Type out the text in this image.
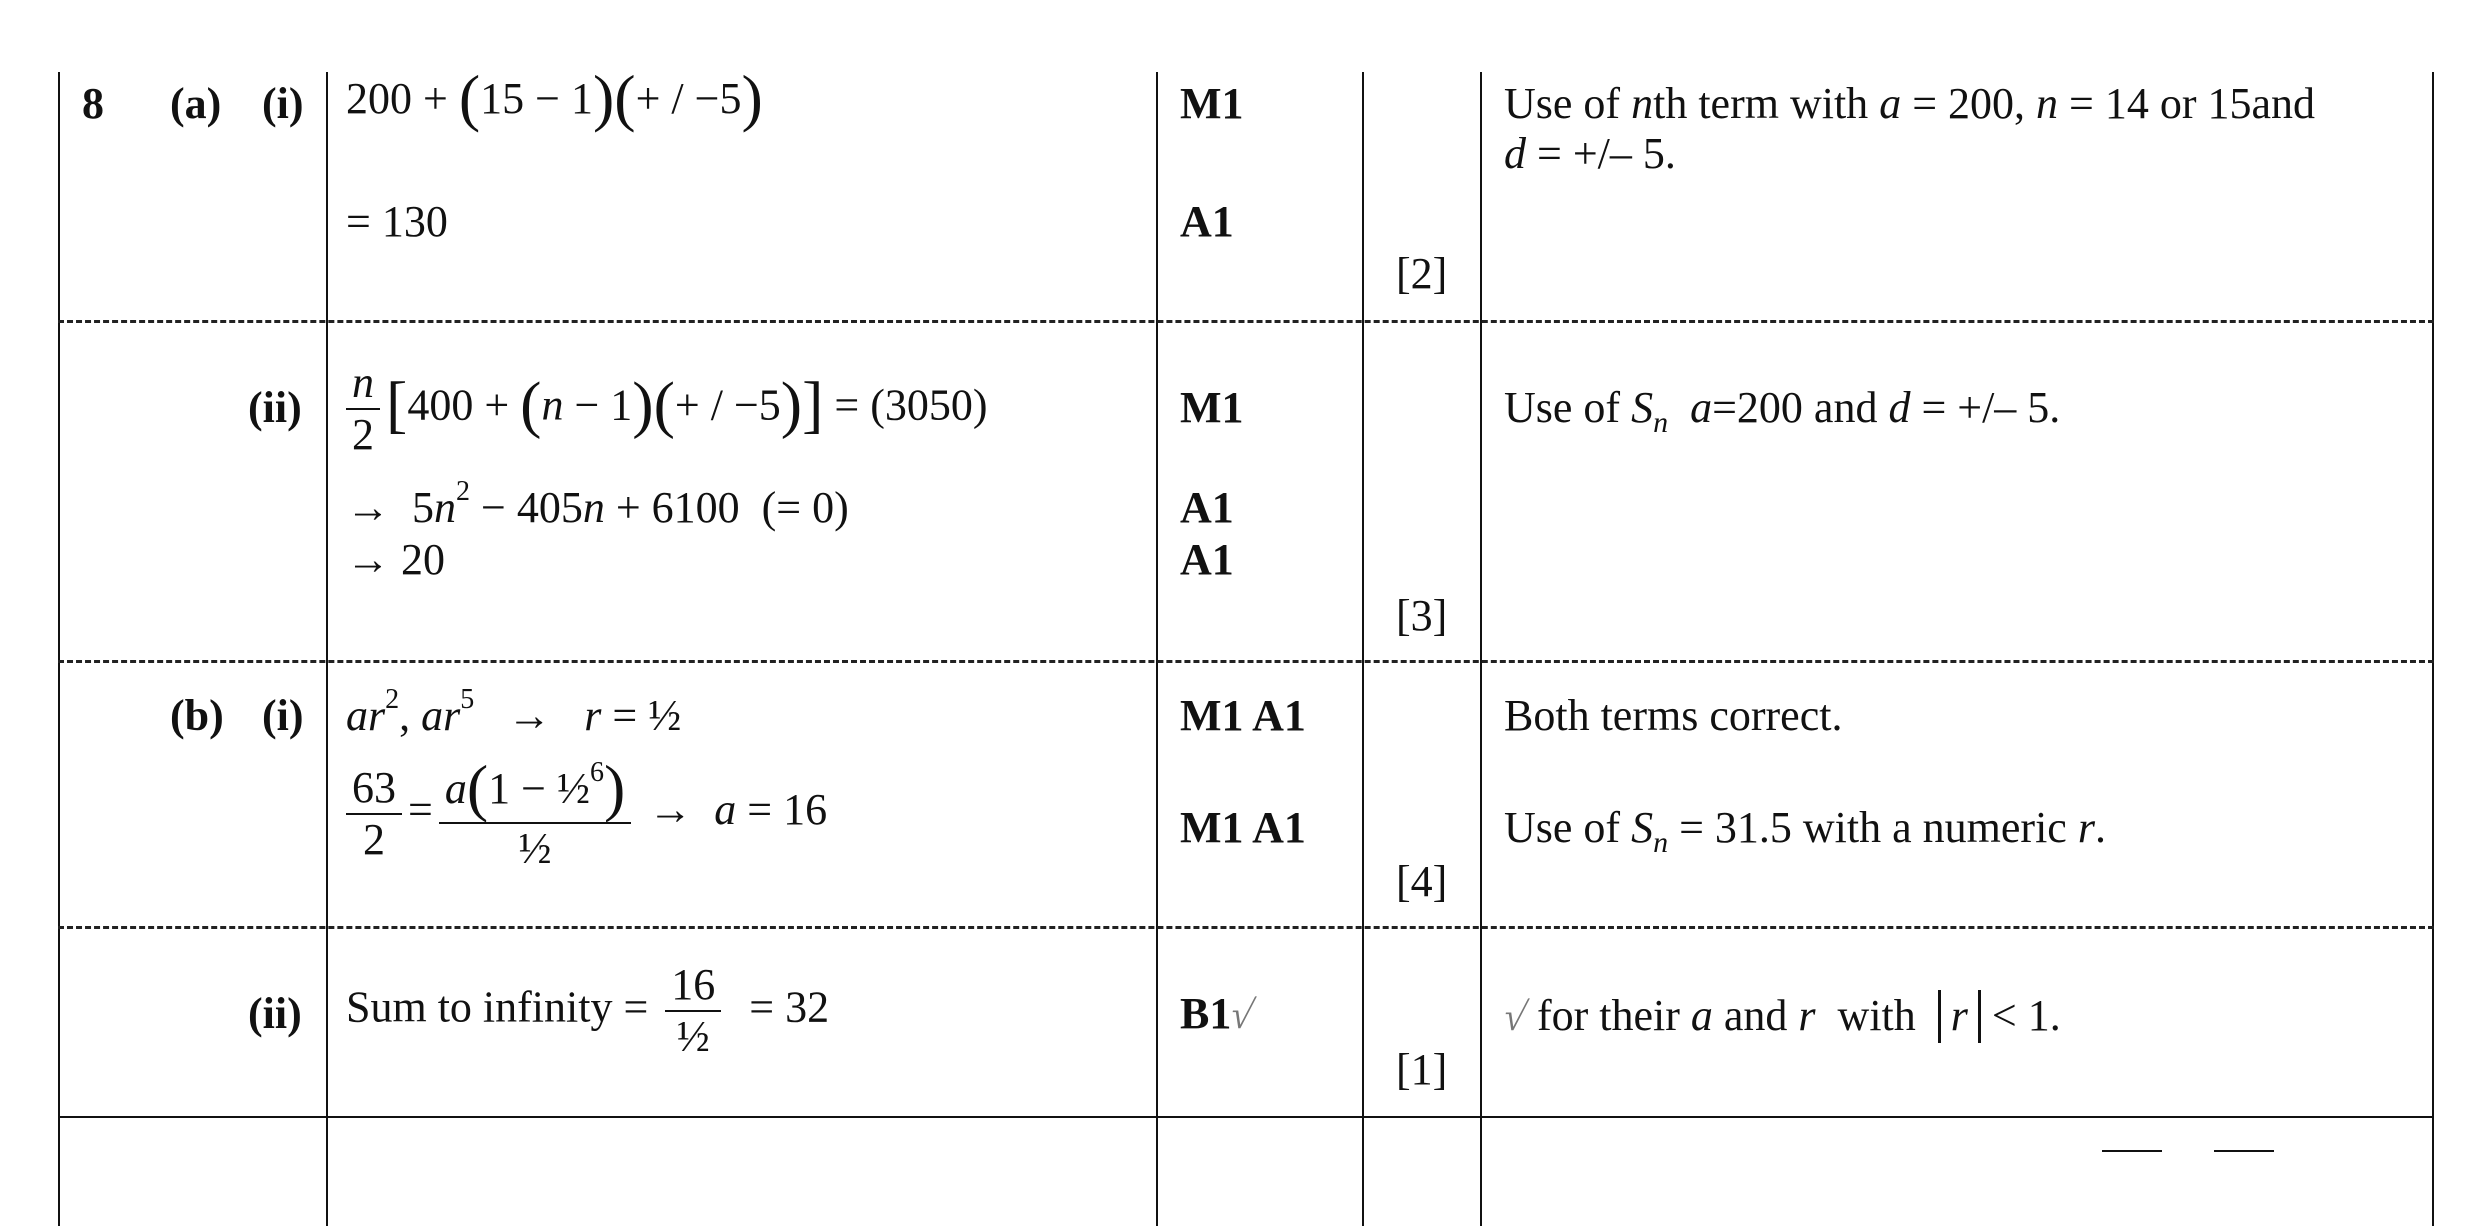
8 (a) (i) 200 + (15 − 1)(+ / −5)
= 130
M1
A1
[2]
Use of nth term with a = 200, n = 14 or 15and
d = +/– 5.
$(ii) \frac{n}{2} [400 + (n - 1)(+ / -5)] = (3050)$
→  $5n^2 - 405n + 6100$  (= 0)
→ 20
M1
A1
A1
[3]
Use of $S_n$ a=200 and d = +/– 5.
(b) (i) $ar^2$, $ar^5 \to r$ = ½
$\frac{63}{2} = \frac{a(1 - \frac{1}{2}^6)}{\text{½}} \to a = 16$
M1 A1
M1 A1
[4]
Both terms correct.
Use of $S_n = 31.5$ with a numeric r.
(ii) Sum to infinity = $\frac{16}{\text{½}} = 32$	B1√
[1]
√ for their a and r  with  r < 1.
